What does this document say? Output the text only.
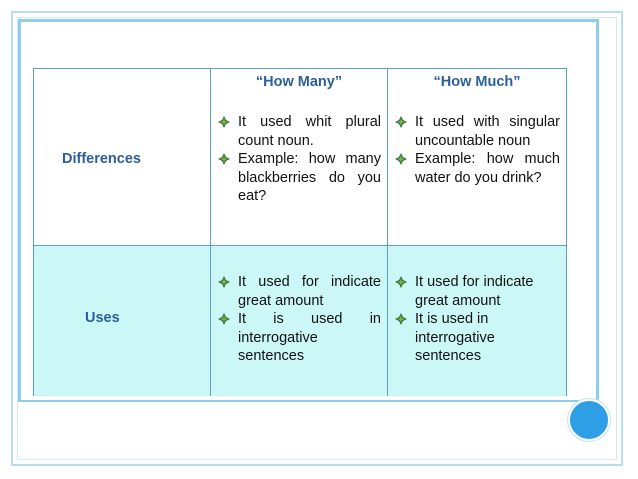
Differences
“How Many”
It used whit plural count noun.
Example: how many blackberries do you eat?
“How Much”
It used with singular uncountable noun
Example: how much water do you drink?
Uses
It used for indicate great amount
It is used in interrogative sentences
It used for indicate great amount
It is used in interrogative sentences
